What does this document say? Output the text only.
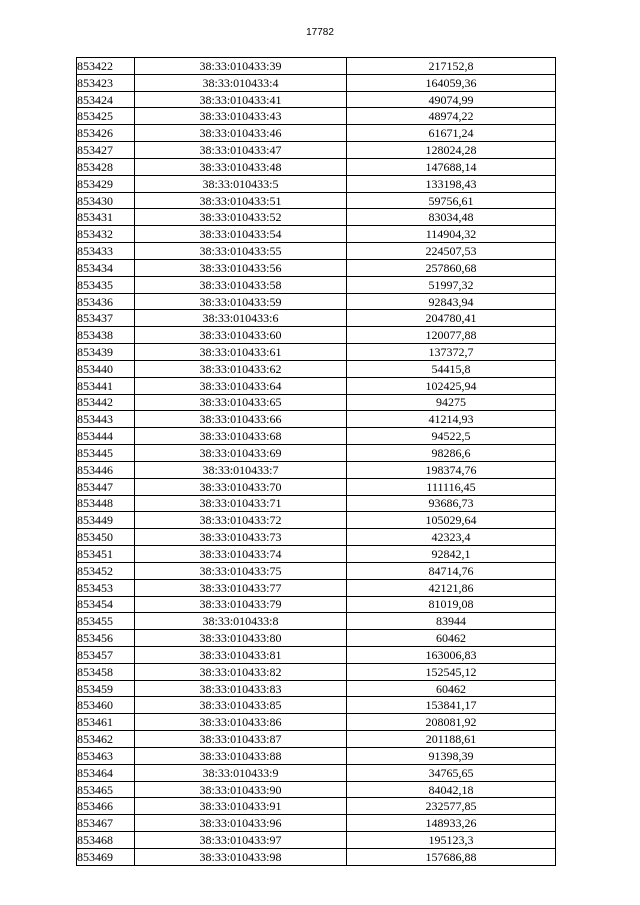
17782
853422	38:33:010433:39	217152,8
853423	38:33:010433:4	164059,36
853424	38:33:010433:41	49074,99
853425	38:33:010433:43	48974,22
853426	38:33:010433:46	61671,24
853427	38:33:010433:47	128024,28
853428	38:33:010433:48	147688,14
853429	38:33:010433:5	133198,43
853430	38:33:010433:51	59756,61
853431	38:33:010433:52	83034,48
853432	38:33:010433:54	114904,32
853433	38:33:010433:55	224507,53
853434	38:33:010433:56	257860,68
853435	38:33:010433:58	51997,32
853436	38:33:010433:59	92843,94
853437	38:33:010433:6	204780,41
853438	38:33:010433:60	120077,88
853439	38:33:010433:61	137372,7
853440	38:33:010433:62	54415,8
853441	38:33:010433:64	102425,94
853442	38:33:010433:65	94275
853443	38:33:010433:66	41214,93
853444	38:33:010433:68	94522,5
853445	38:33:010433:69	98286,6
853446	38:33:010433:7	198374,76
853447	38:33:010433:70	111116,45
853448	38:33:010433:71	93686,73
853449	38:33:010433:72	105029,64
853450	38:33:010433:73	42323,4
853451	38:33:010433:74	92842,1
853452	38:33:010433:75	84714,76
853453	38:33:010433:77	42121,86
853454	38:33:010433:79	81019,08
853455	38:33:010433:8	83944
853456	38:33:010433:80	60462
853457	38:33:010433:81	163006,83
853458	38:33:010433:82	152545,12
853459	38:33:010433:83	60462
853460	38:33:010433:85	153841,17
853461	38:33:010433:86	208081,92
853462	38:33:010433:87	201188,61
853463	38:33:010433:88	91398,39
853464	38:33:010433:9	34765,65
853465	38:33:010433:90	84042,18
853466	38:33:010433:91	232577,85
853467	38:33:010433:96	148933,26
853468	38:33:010433:97	195123,3
853469	38:33:010433:98	157686,88
